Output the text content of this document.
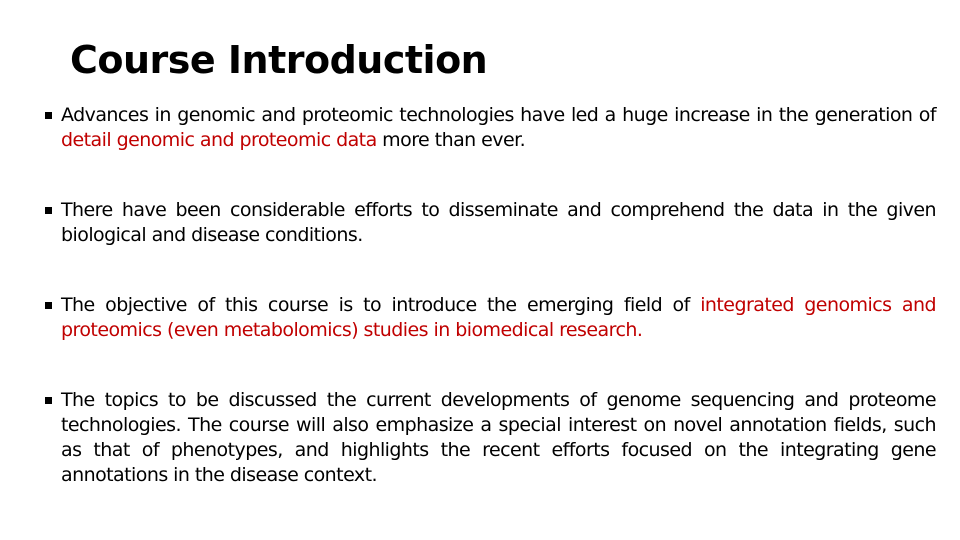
Course Introduction
Advances in genomic and proteomic technologies have led a huge increase in the generation of detail genomic and proteomic data more than ever.
There have been considerable efforts to disseminate and comprehend the data in the given biological and disease conditions.
The objective of this course is to introduce the emerging field of integrated genomics and proteomics (even metabolomics) studies in biomedical research.
The topics to be discussed the current developments of genome sequencing and proteome technologies. The course will also emphasize a special interest on novel annotation fields, such as that of phenotypes, and highlights the recent efforts focused on the integrating gene annotations in the disease context.
